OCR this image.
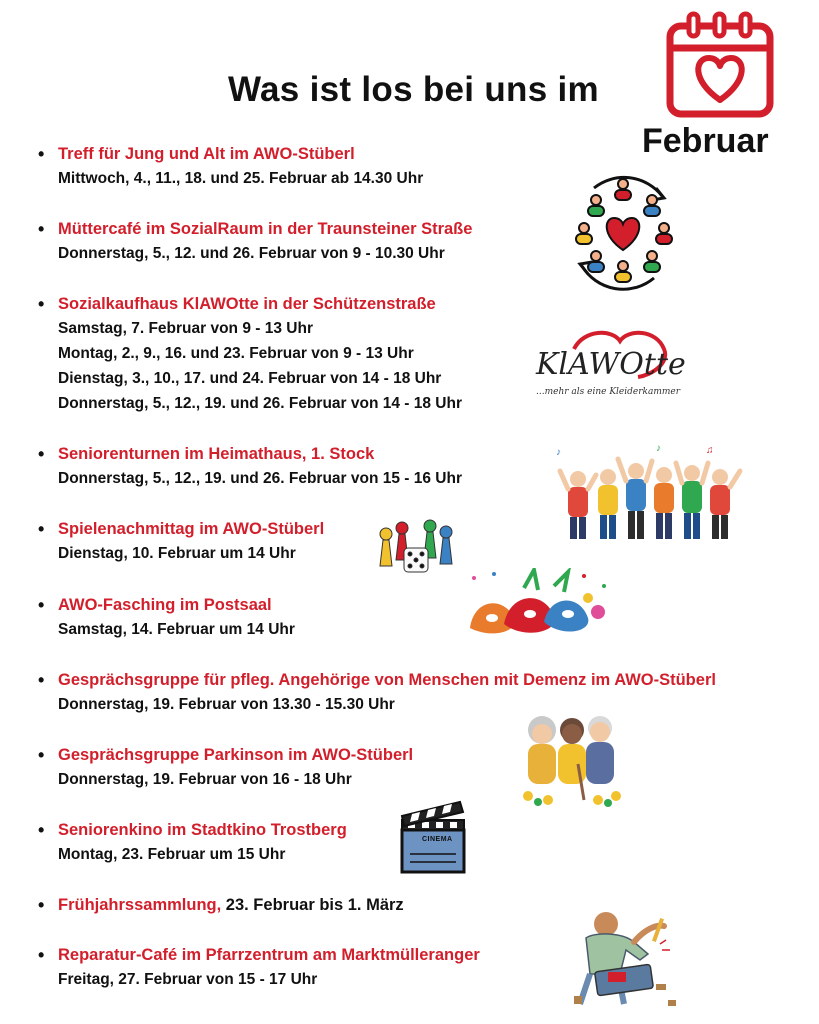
Was ist los bei uns im
Februar
• Treff für Jung und Alt im AWO-Stüberl
Mittwoch, 4., 11., 18. und 25. Februar ab 14.30 Uhr
• Müttercafé im SozialRaum in der Traunsteiner Straße
Donnerstag, 5., 12. und 26. Februar von 9 - 10.30 Uhr
• Sozialkaufhaus KlAWOtte in der Schützenstraße
Samstag, 7. Februar von 9 - 13 Uhr
Montag, 2., 9., 16. und 23. Februar von 9 - 13 Uhr
Dienstag, 3., 10., 17. und 24. Februar von 14 - 18 Uhr
Donnerstag, 5., 12., 19. und 26. Februar von 14 - 18 Uhr
• Seniorenturnen im Heimathaus, 1. Stock
Donnerstag, 5., 12., 19. und 26. Februar von 15 - 16 Uhr
• Spielenachmittag im AWO-Stüberl
Dienstag, 10. Februar um 14 Uhr
• AWO-Fasching im Postsaal
Samstag, 14. Februar um 14 Uhr
• Gesprächsgruppe für pfleg. Angehörige von Menschen mit Demenz im AWO-Stüberl
Donnerstag, 19. Februar von 13.30 - 15.30 Uhr
• Gesprächsgruppe Parkinson im AWO-Stüberl
Donnerstag, 19. Februar von 16 - 18 Uhr
• Seniorenkino im Stadtkino Trostberg
Montag, 23. Februar um 15 Uhr
• Frühjahrssammlung, 23. Februar bis 1. März
• Reparatur-Café im Pfarrzentrum am Marktmülleranger
Freitag, 27. Februar von 15 - 17 Uhr
KlAWOtte
...mehr als eine Kleiderkammer
♪	♫
♪
CINEMA
